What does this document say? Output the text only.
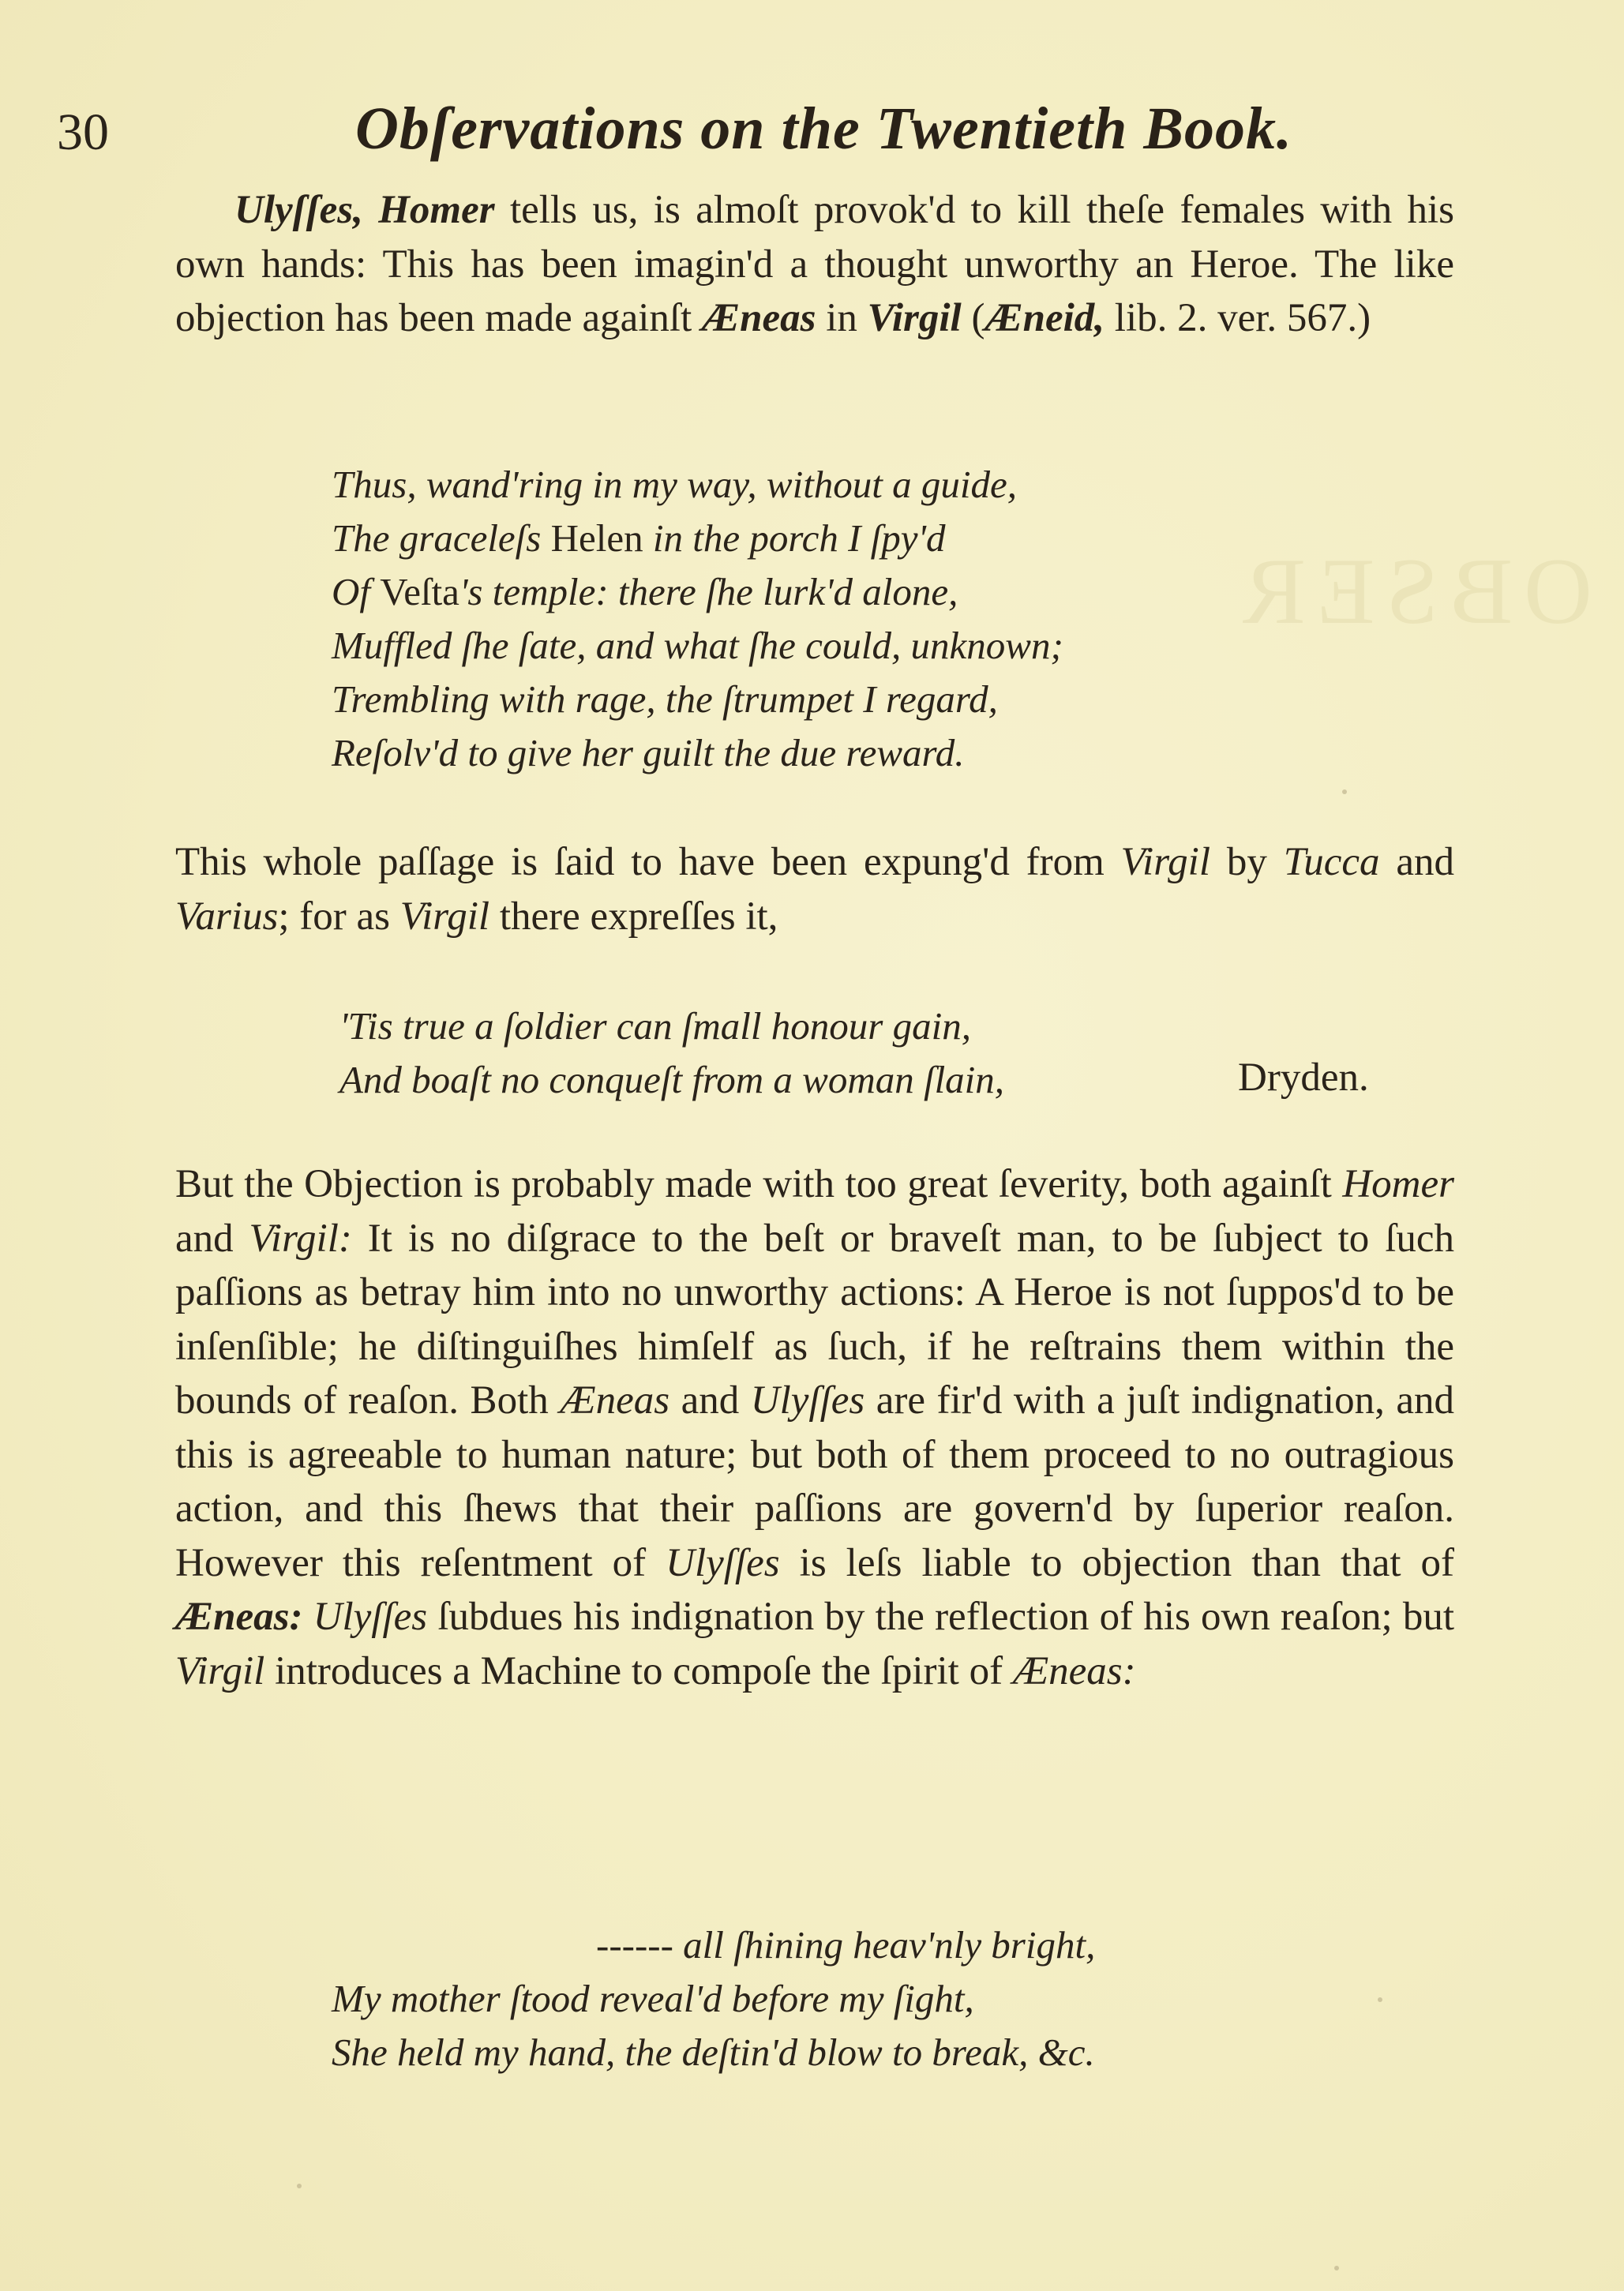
OBSER
30	Obſervations on the Twentieth Book.

Ulyſſes, Homer tells us, is almoſt provok'd to kill theſe females with his own hands: This has been imagin'd a thought unworthy an Heroe. The like objection has been made againſt Æneas in Virgil (Æneid, lib. 2. ver. 567.)

Thus, wand'ring in my way, without a guide,
The graceleſs Helen in the porch I ſpy'd
Of Veſta's temple: there ſhe lurk'd alone,
Muffled ſhe ſate, and what ſhe could, unknown;
Trembling with rage, the ſtrumpet I regard,
Reſolv'd to give her guilt the due reward.

This whole paſſage is ſaid to have been expung'd from Virgil by Tucca and Varius; for as Virgil there expreſſes it,

'Tis true a ſoldier can ſmall honour gain,
And boaſt no conqueſt from a woman ſlain,	Dryden.

But the Objection is probably made with too great ſeverity, both againſt Homer and Virgil: It is no diſgrace to the beſt or braveſt man, to be ſubject to ſuch paſſions as betray him into no unworthy actions: A Heroe is not ſuppos'd to be inſenſible; he diſtinguiſhes himſelf as ſuch, if he reſtrains them within the bounds of reaſon. Both Æneas and Ulyſſes are fir'd with a juſt indignation, and this is agreeable to human nature; but both of them proceed to no outragious action, and this ſhews that their paſſions are govern'd by ſuperior reaſon. However this reſentment of Ulyſſes is leſs liable to objection than that of Æneas: Ulyſſes ſubdues his indignation by the reflection of his own reaſon; but Virgil introduces a Machine to compoſe the ſpirit of Æneas:

------ all ſhining heav'nly bright,
My mother ſtood reveal'd before my ſight,
She held my hand, the deſtin'd blow to break, &c.
